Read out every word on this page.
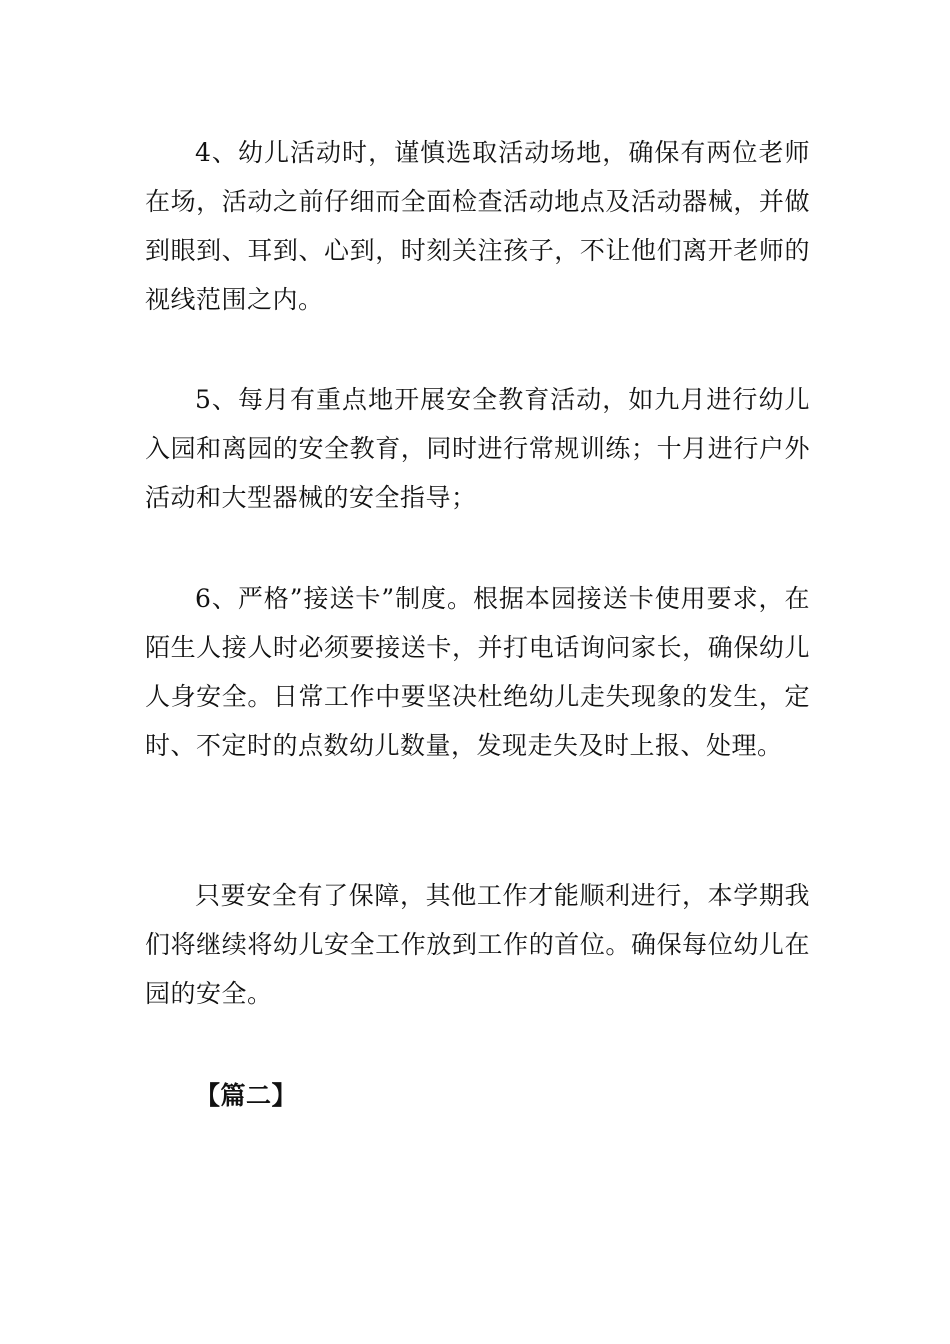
4、幼儿活动时，谨慎选取活动场地，确保有两位老师在场，活动之前仔细而全面检查活动地点及活动器械，并做到眼到、耳到、心到，时刻关注孩子，不让他们离开老师的视线范围之内。

5、每月有重点地开展安全教育活动，如九月进行幼儿入园和离园的安全教育，同时进行常规训练；十月进行户外活动和大型器械的安全指导；

6、严格”接送卡”制度。根据本园接送卡使用要求，在陌生人接人时必须要接送卡，并打电话询问家长，确保幼儿人身安全。日常工作中要坚决杜绝幼儿走失现象的发生，定时、不定时的点数幼儿数量，发现走失及时上报、处理。

只要安全有了保障，其他工作才能顺利进行，本学期我们将继续将幼儿安全工作放到工作的首位。确保每位幼儿在园的安全。

【篇二】
